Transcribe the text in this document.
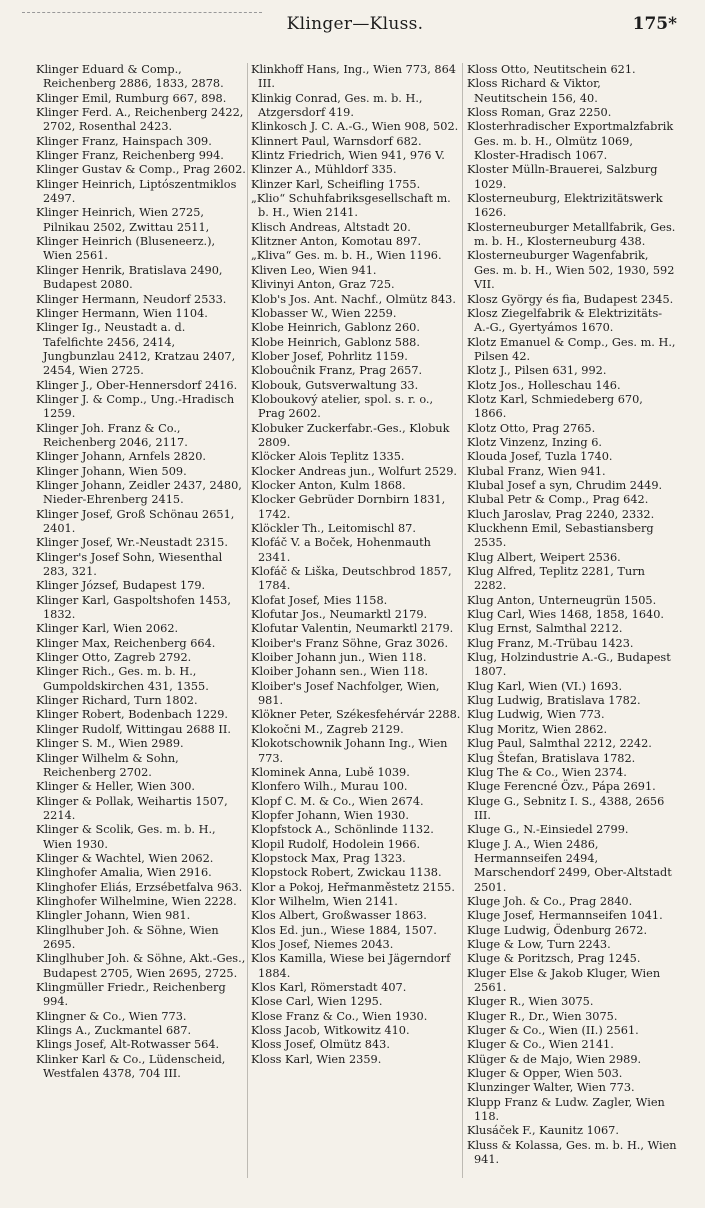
Klinger—Kluss.	175*
Klinger Eduard & Comp., Reichenberg 2886, 1833, 2878.
Klinger Emil, Rumburg 667, 898.
Klinger Ferd. A., Reichenberg 2422, 2702, Rosenthal 2423.
Klinger Franz, Hainspach 309.
Klinger Franz, Reichenberg 994.
Klinger Gustav & Comp., Prag 2602.
Klinger Heinrich, Liptószentmiklos 2497.
Klinger Heinrich, Wien 2725, Pilnikau 2502, Zwittau 2511,
Klinger Heinrich (Bluseneerz.), Wien 2561.
Klinger Henrik, Bratislava 2490, Budapest 2080.
Klinger Hermann, Neudorf 2533.
Klinger Hermann, Wien 1104.
Klinger Ig., Neustadt a. d. Tafelfichte 2456, 2414, Jungbunzlau 2412, Kratzau 2407, 2454, Wien 2725.
Klinger J., Ober-Hennersdorf 2416.
Klinger J. & Comp., Ung.-Hradisch 1259.
Klinger Joh. Franz & Co., Reichenberg 2046, 2117.
Klinger Johann, Arnfels 2820.
Klinger Johann, Wien 509.
Klinger Johann, Zeidler 2437, 2480, Nieder-Ehrenberg 2415.
Klinger Josef, Groß Schönau 2651, 2401.
Klinger Josef, Wr.-Neustadt 2315.
Klinger's Josef Sohn, Wiesenthal 283, 321.
Klinger József, Budapest 179.
Klinger Karl, Gaspoltshofen 1453, 1832.
Klinger Karl, Wien 2062.
Klinger Max, Reichenberg 664.
Klinger Otto, Zagreb 2792.
Klinger Rich., Ges. m. b. H., Gumpoldskirchen 431, 1355.
Klinger Richard, Turn 1802.
Klinger Robert, Bodenbach 1229.
Klinger Rudolf, Wittingau 2688 II.
Klinger S. M., Wien 2989.
Klinger Wilhelm & Sohn, Reichenberg 2702.
Klinger & Heller, Wien 300.
Klinger & Pollak, Weihartis 1507, 2214.
Klinger & Scolik, Ges. m. b. H., Wien 1930.
Klinger & Wachtel, Wien 2062.
Klinghofer Amalia, Wien 2916.
Klinghofer Eliás, Erzsébetfalva 963.
Klinghofer Wilhelmine, Wien 2228.
Klingler Johann, Wien 981.
Klinglhuber Joh. & Söhne, Wien 2695.
Klinglhuber Joh. & Söhne, Akt.-Ges., Budapest 2705, Wien 2695, 2725.
Klingmüller Friedr., Reichenberg 994.
Klingner & Co., Wien 773.
Klings A., Zuckmantel 687.
Klings Josef, Alt-Rotwasser 564.
Klinker Karl & Co., Lüdenscheid, Westfalen 4378, 704 III.
Klinkhoff Hans, Ing., Wien 773, 864 III.
Klinkig Conrad, Ges. m. b. H., Atzgersdorf 419.
Klinkosch J. C. A.-G., Wien 908, 502.
Klinnert Paul, Warnsdorf 682.
Klintz Friedrich, Wien 941, 976 V.
Klinzer A., Mühldorf 335.
Klinzer Karl, Scheifling 1755.
„Klio“ Schuhfabriksgesellschaft m. b. H., Wien 2141.
Klisch Andreas, Altstadt 20.
Klitzner Anton, Komotau 897.
„Kliva“ Ges. m. b. H., Wien 1196.
Kliven Leo, Wien 941.
Klivinyi Anton, Graz 725.
Klob's Jos. Ant. Nachf., Olmütz 843.
Klobasser W., Wien 2259.
Klobe Heinrich, Gablonz 260.
Klobe Heinrich, Gablonz 588.
Klober Josef, Pohrlitz 1159.
Klobouĉnik Franz, Prag 2657.
Klobouk, Gutsverwaltung 33.
Kloboukový atelier, spol. s. r. o., Prag 2602.
Klobuker Zuckerfabr.-Ges., Klobuk 2809.
Klöcker Alois Teplitz 1335.
Klocker Andreas jun., Wolfurt 2529.
Klocker Anton, Kulm 1868.
Klocker Gebrüder Dornbirn 1831, 1742.
Klöckler Th., Leitomischl 87.
Klofáč V. a Boček, Hohenmauth 2341.
Klofáč & Liška, Deutschbrod 1857, 1784.
Klofat Josef, Mies 1158.
Klofutar Jos., Neumarktl 2179.
Klofutar Valentin, Neumarktl 2179.
Kloiber's Franz Söhne, Graz 3026.
Kloiber Johann jun., Wien 118.
Kloiber Johann sen., Wien 118.
Kloiber's Josef Nachfolger, Wien, 981.
Klökner Peter, Székesfehérvár 2288.
Klokočni M., Zagreb 2129.
Klokotschownik Johann Ing., Wien 773.
Klominek Anna, Lubě 1039.
Klonfero Wilh., Murau 100.
Klopf C. M. & Co., Wien 2674.
Klopfer Johann, Wien 1930.
Klopfstock A., Schönlinde 1132.
Klopil Rudolf, Hodolein 1966.
Klopstock Max, Prag 1323.
Klopstock Robert, Zwickau 1138.
Klor a Pokoj, Heřmanměstetz 2155.
Klor Wilhelm, Wien 2141.
Klos Albert, Großwasser 1863.
Klos Ed. jun., Wiese 1884, 1507.
Klos Josef, Niemes 2043.
Klos Kamilla, Wiese bei Jägerndorf 1884.
Klos Karl, Römerstadt 407.
Klose Carl, Wien 1295.
Klose Franz & Co., Wien 1930.
Kloss Jacob, Witkowitz 410.
Kloss Josef, Olmütz 843.
Kloss Karl, Wien 2359.
Kloss Otto, Neutitschein 621.
Kloss Richard & Viktor, Neutitschein 156, 40.
Kloss Roman, Graz 2250.
Klosterhradischer Exportmalzfabrik Ges. m. b. H., Olmütz 1069, Kloster-Hradisch 1067.
Kloster Mülln-Brauerei, Salzburg 1029.
Klosterneuburg, Elektrizitätswerk 1626.
Klosterneuburger Metallfabrik, Ges. m. b. H., Klosterneuburg 438.
Klosterneuburger Wagenfabrik, Ges. m. b. H., Wien 502, 1930, 592 VII.
Klosz György és fia, Budapest 2345.
Klosz Ziegelfabrik & Elektrizitäts-A.-G., Gyertyámos 1670.
Klotz Emanuel & Comp., Ges. m. H., Pilsen 42.
Klotz J., Pilsen 631, 992.
Klotz Jos., Holleschau 146.
Klotz Karl, Schmiedeberg 670, 1866.
Klotz Otto, Prag 2765.
Klotz Vinzenz, Inzing 6.
Klouda Josef, Tuzla 1740.
Klubal Franz, Wien 941.
Klubal Josef a syn, Chrudim 2449.
Klubal Petr & Comp., Prag 642.
Kluch Jaroslav, Prag 2240, 2332.
Kluckhenn Emil, Sebastiansberg 2535.
Klug Albert, Weipert 2536.
Klug Alfred, Teplitz 2281, Turn 2282.
Klug Anton, Unterneugrün 1505.
Klug Carl, Wies 1468, 1858, 1640.
Klug Ernst, Salmthal 2212.
Klug Franz, M.-Trübau 1423.
Klug, Holzindustrie A.-G., Budapest 1807.
Klug Karl, Wien (VI.) 1693.
Klug Ludwig, Bratislava 1782.
Klug Ludwig, Wien 773.
Klug Moritz, Wien 2862.
Klug Paul, Salmthal 2212, 2242.
Klug Štefan, Bratislava 1782.
Klug The & Co., Wien 2374.
Kluge Ferencné Özv., Pápa 2691.
Kluge G., Sebnitz I. S., 4388, 2656 III.
Kluge G., N.-Einsiedel 2799.
Kluge J. A., Wien 2486, Hermannseifen 2494, Marschendorf 2499, Ober-Altstadt 2501.
Kluge Joh. & Co., Prag 2840.
Kluge Josef, Hermannseifen 1041.
Kluge Ludwig, Ödenburg 2672.
Kluge & Low, Turn 2243.
Kluge & Poritzsch, Prag 1245.
Kluger Else & Jakob Kluger, Wien 2561.
Kluger R., Wien 3075.
Kluger R., Dr., Wien 3075.
Kluger & Co., Wien (II.) 2561.
Kluger & Co., Wien 2141.
Klüger & de Majo, Wien 2989.
Kluger & Opper, Wien 503.
Klunzinger Walter, Wien 773.
Klupp Franz & Ludw. Zagler, Wien 118.
Klusáček F., Kaunitz 1067.
Kluss & Kolassa, Ges. m. b. H., Wien 941.
